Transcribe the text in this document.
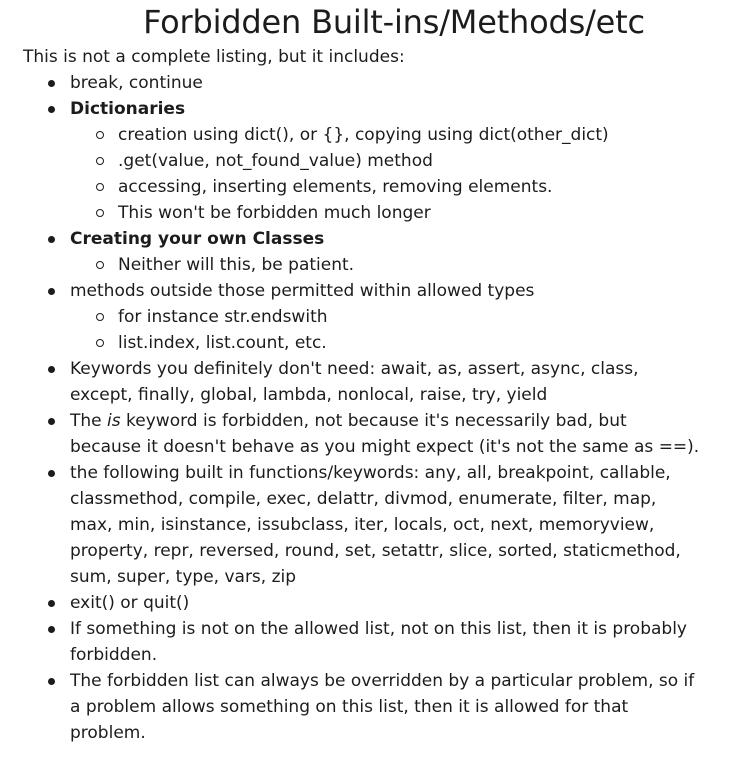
Forbidden Built-ins/Methods/etc

This is not a complete listing, but it includes:

break, continue
Dictionaries
creation using dict(), or {}, copying using dict(other_dict)
.get(value, not_found_value) method
accessing, inserting elements, removing elements.
This won't be forbidden much longer
Creating your own Classes
Neither will this, be patient.
methods outside those permitted within allowed types
for instance str.endswith
list.index, list.count, etc.
Keywords you definitely don't need: await, as, assert, async, class, except, finally, global, lambda, nonlocal, raise, try, yield
The is keyword is forbidden, not because it's necessarily bad, but because it doesn't behave as you might expect (it's not the same as ==).
the following built in functions/keywords: any, all, breakpoint, callable, classmethod, compile, exec, delattr, divmod, enumerate, filter, map, max, min, isinstance, issubclass, iter, locals, oct, next, memoryview, property, repr, reversed, round, set, setattr, slice, sorted, staticmethod, sum, super, type, vars, zip
exit() or quit()
If something is not on the allowed list, not on this list, then it is probably forbidden.
The forbidden list can always be overridden by a particular problem, so if a problem allows something on this list, then it is allowed for that problem.
